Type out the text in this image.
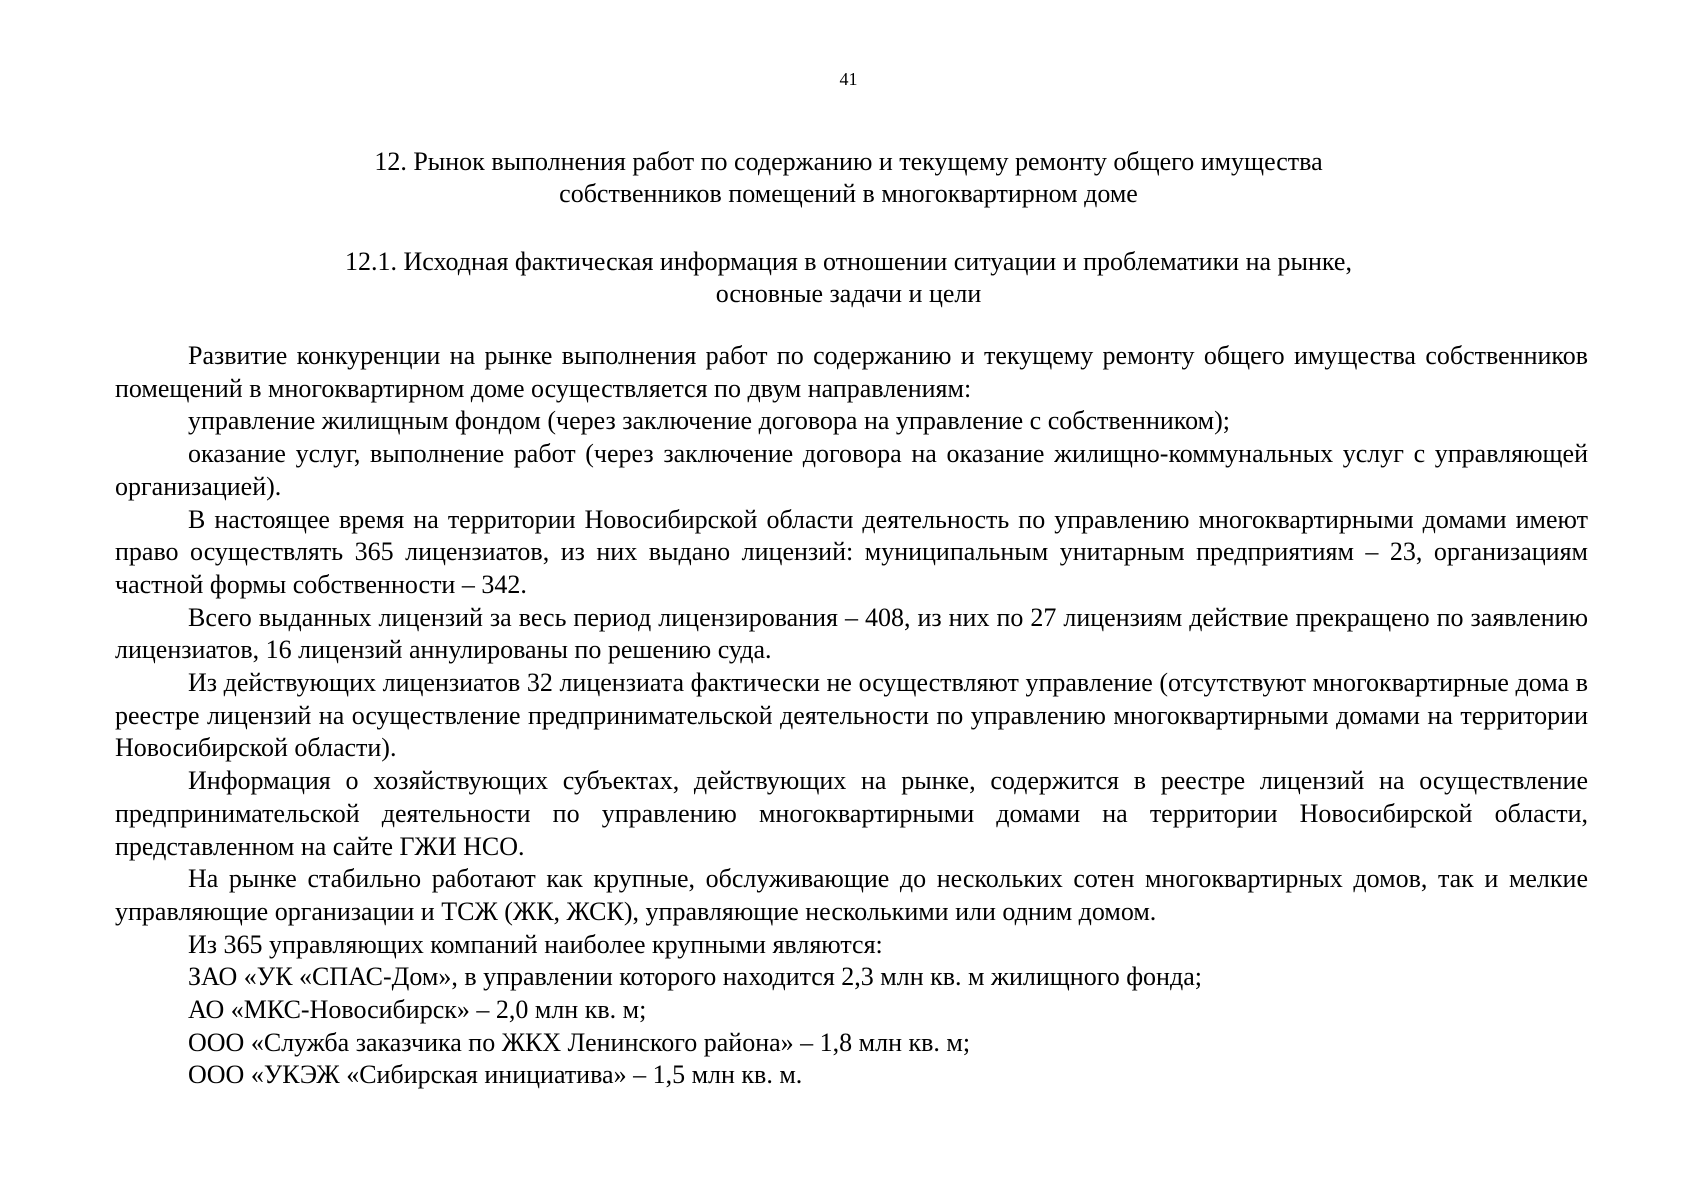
41
12. Рынок выполнения работ по содержанию и текущему ремонту общего имущества
собственников помещений в многоквартирном доме
12.1. Исходная фактическая информация в отношении ситуации и проблематики на рынке,
основные задачи и цели

Развитие конкуренции на рынке выполнения работ по содержанию и текущему ремонту общего имущества собственников помещений в многоквартирном доме осуществляется по двум направлениям:

управление жилищным фондом (через заключение договора на управление с собственником);

оказание услуг, выполнение работ (через заключение договора на оказание жилищно-коммунальных услуг с управляющей организацией).

В настоящее время на территории Новосибирской области деятельность по управлению многоквартирными домами имеют право осуществлять 365 лицензиатов, из них выдано лицензий: муниципальным унитарным предприятиям – 23, организациям частной формы собственности – 342.

Всего выданных лицензий за весь период лицензирования – 408, из них по 27 лицензиям действие прекращено по заявлению лицензиатов, 16 лицензий аннулированы по решению суда.

Из действующих лицензиатов 32 лицензиата фактически не осуществляют управление (отсутствуют многоквартирные дома в реестре лицензий на осуществление предпринимательской деятельности по управлению многоквартирными домами на территории Новосибирской области).

Информация о хозяйствующих субъектах, действующих на рынке, содержится в реестре лицензий на осуществление предпринимательской деятельности по управлению многоквартирными домами на территории Новосибирской области, представленном на сайте ГЖИ НСО.

На рынке стабильно работают как крупные, обслуживающие до нескольких сотен многоквартирных домов, так и мелкие управляющие организации и ТСЖ (ЖК, ЖСК), управляющие несколькими или одним домом.

Из 365 управляющих компаний наиболее крупными являются:

ЗАО «УК «СПАС-Дом», в управлении которого находится 2,3 млн кв. м жилищного фонда;

АО «МКС-Новосибирск» – 2,0 млн кв. м;

ООО «Служба заказчика по ЖКХ Ленинского района» – 1,8 млн кв. м;

ООО «УКЭЖ «Сибирская инициатива» – 1,5 млн кв. м.
